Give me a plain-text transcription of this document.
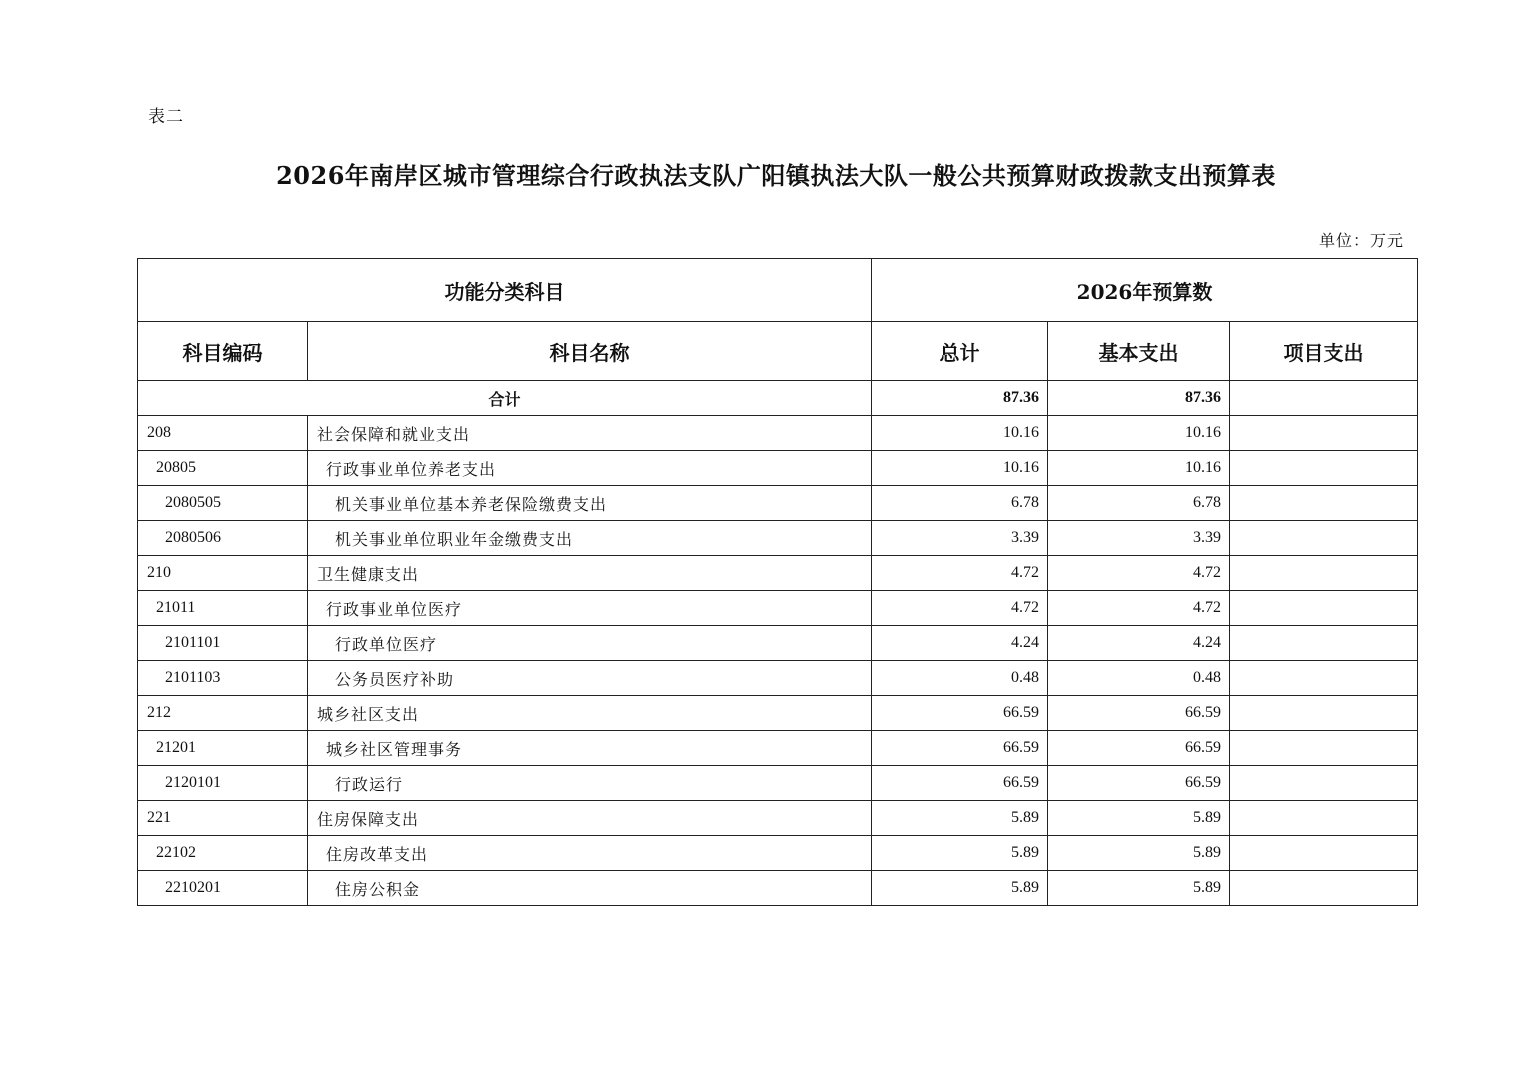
表二
2026年南岸区城市管理综合行政执法支队广阳镇执法大队一般公共预算财政拨款支出预算表
单位：万元
功能分类科目		2026年预算数		
科目编码	科目名称	总计	基本支出	项目支出
合计		87.36	87.36	
208	社会保障和就业支出	10.16	10.16	
20805	行政事业单位养老支出	10.16	10.16	
2080505	机关事业单位基本养老保险缴费支出	6.78	6.78	
2080506	机关事业单位职业年金缴费支出	3.39	3.39	
210	卫生健康支出	4.72	4.72	
21011	行政事业单位医疗	4.72	4.72	
2101101	行政单位医疗	4.24	4.24	
2101103	公务员医疗补助	0.48	0.48	
212	城乡社区支出	66.59	66.59	
21201	城乡社区管理事务	66.59	66.59	
2120101	行政运行	66.59	66.59	
221	住房保障支出	5.89	5.89	
22102	住房改革支出	5.89	5.89	
2210201	住房公积金	5.89	5.89	
